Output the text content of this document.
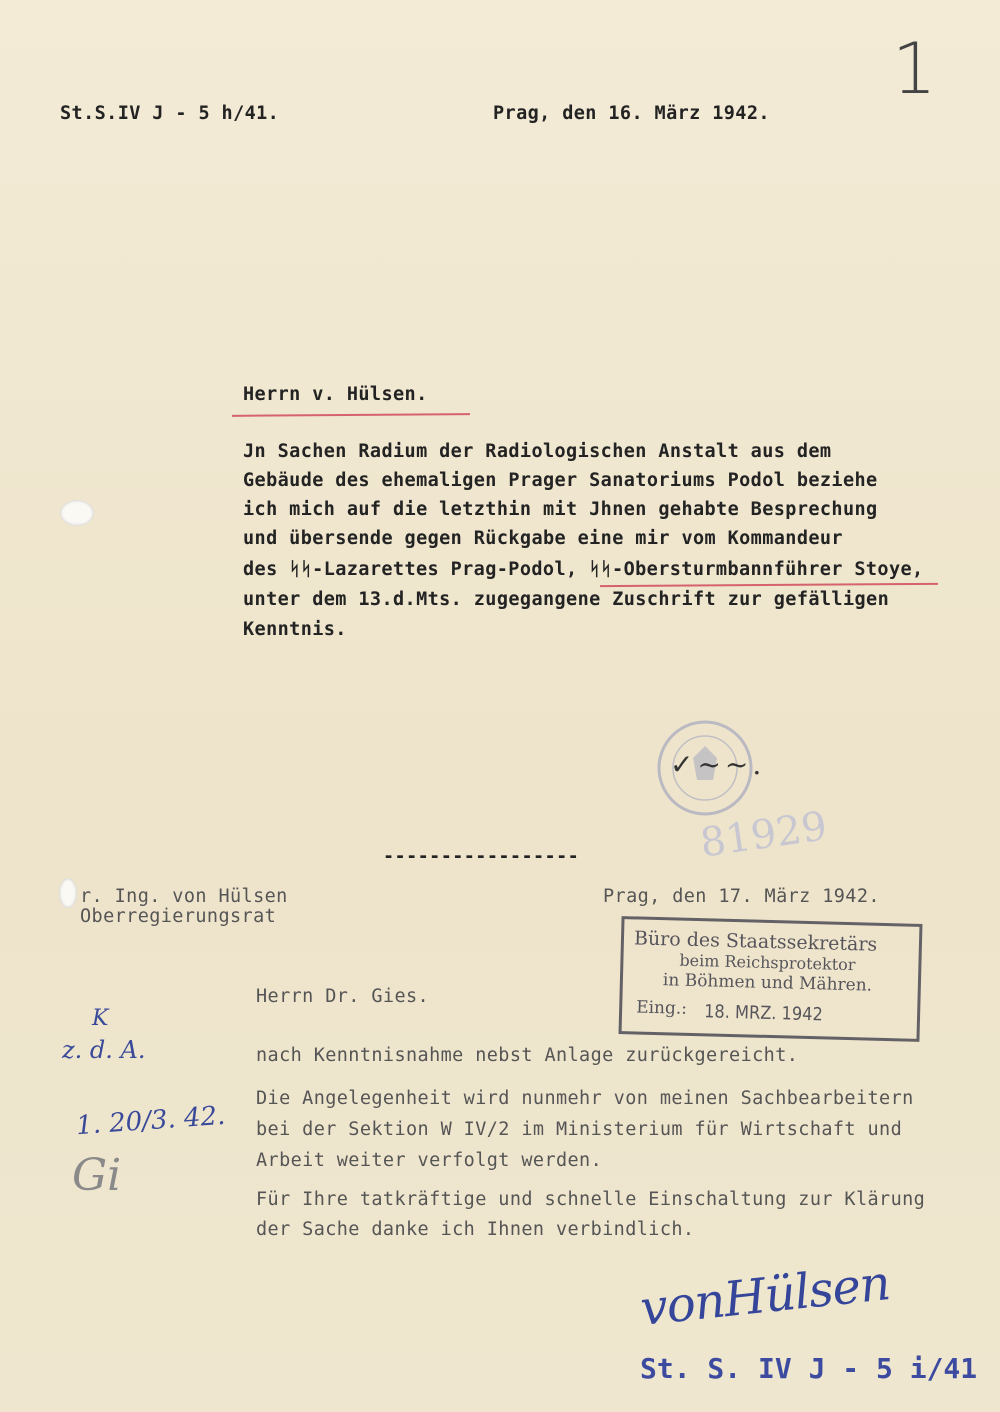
St.S.IV J - 5 h/41.	Prag, den 16. März 1942.
1
Herrn v. Hülsen.
Jn Sachen Radium der Radiologischen Anstalt aus dem
Gebäude des ehemaligen Prager Sanatoriums Podol beziehe
ich mich auf die letzthin mit Jhnen gehabte Besprechung
und übersende gegen Rückgabe eine mir vom Kommandeur
des ᛋᛋ-Lazarettes Prag-Podol, ᛋᛋ-Obersturmbannführer Stoye,
unter dem 13.d.Mts. zugegangene Zuschrift zur gefälligen
Kenntnis.
✓~~.
81929
-----------------
r. Ing. von Hülsen
Oberregierungsrat
Prag, den 17. März 1942.
Büro des Staatssekretärs
beim Reichsprotektor
in Böhmen und Mähren.
Eing.: 18. MRZ. 1942
Herrn Dr. Gies.
nach Kenntnisnahme nebst Anlage zurückgereicht.
Die Angelegenheit wird nunmehr von meinen Sachbearbeitern
bei der Sektion W IV/2 im Ministerium für Wirtschaft und
Arbeit weiter verfolgt werden.
Für Ihre tatkräftige und schnelle Einschaltung zur Klärung
der Sache danke ich Ihnen verbindlich.
K
z. d. A.
1. 20/3. 42.
Gi
vonHülsen
St. S. IV J - 5 i/41
